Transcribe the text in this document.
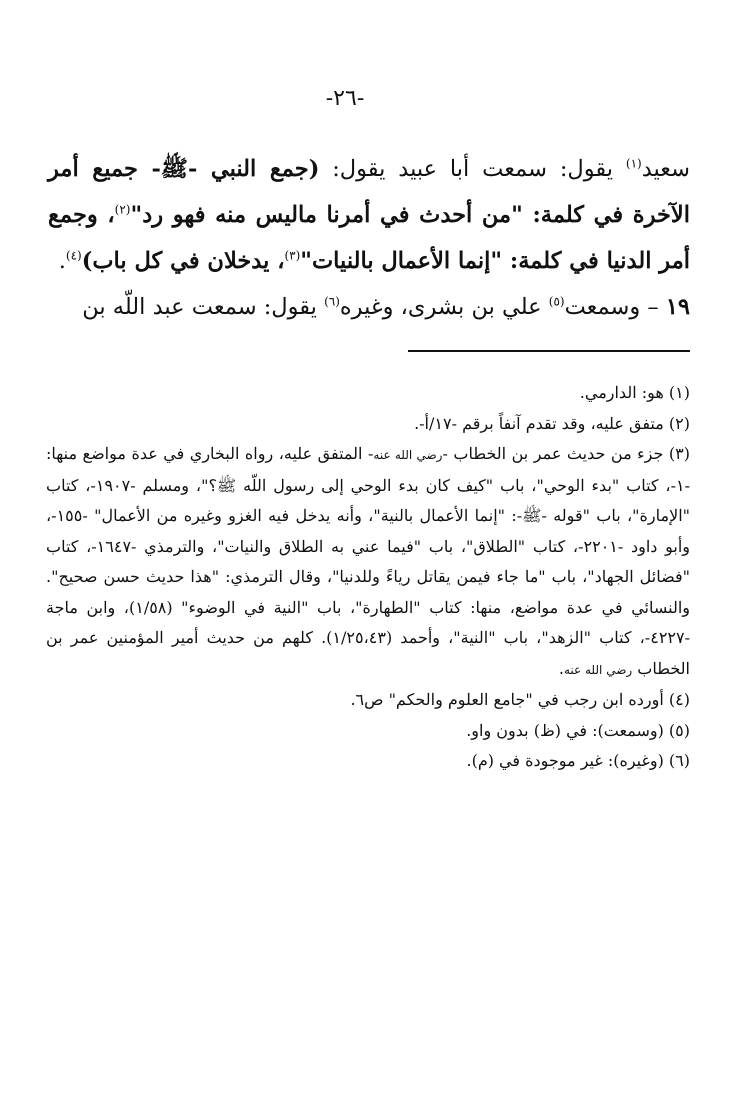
-٢٦-

سعيد$^{(١)}$ يقول: سمعت أبا عبيد يقول: (جمع النبي -ﷺ- جميع أمر الآخرة في كلمة: "من أحدث في أمرنا ماليس منه فهو رد"$^{(٢)}$، وجمع أمر الدنيا في كلمة: "إنما الأعمال بالنيات"$^{(٣)}$، يدخلان في كل باب)$^{(٤)}$.

١٩ – وسمعت$^{(٥)}$ علي بن بشرى، وغيره$^{(٦)}$ يقول: سمعت عبد اللّه بن

(١) هو: الدارمي.

(٢) متفق عليه، وقد تقدم آنفاً برقم -١٧/أ-.

(٣) جزء من حديث عمر بن الخطاب -رضي الله عنه- المتفق عليه، رواه البخاري في عدة مواضع منها: -١-، كتاب "بدء الوحي"، باب "كيف كان بدء الوحي إلى رسول اللّه ﷺ؟"، ومسلم -١٩٠٧-، كتاب "الإمارة"، باب "قوله -ﷺ-: "إنما الأعمال بالنية"، وأنه يدخل فيه الغزو وغيره من الأعمال" -١٥٥-، وأبو داود -٢٢٠١-، كتاب "الطلاق"، باب "فيما عني به الطلاق والنيات"، والترمذي -١٦٤٧-، كتاب "فضائل الجهاد"، باب "ما جاء فيمن يقاتل رياءً وللدنيا"، وقال الترمذي: "هذا حديث حسن صحيح". والنسائي في عدة مواضع، منها: كتاب "الطهارة"، باب "النية في الوضوء" (١/٥٨)، وابن ماجة -٤٢٢٧-، كتاب "الزهد"، باب "النية"، وأحمد (١/٢٥،٤٣). كلهم من حديث أمير المؤمنين عمر بن الخطاب رضي الله عنه.

(٤) أورده ابن رجب في "جامع العلوم والحكم" ص٦.

(٥) (وسمعت): في (ظ) بدون واو.

(٦) (وغيره): غير موجودة في (م).
